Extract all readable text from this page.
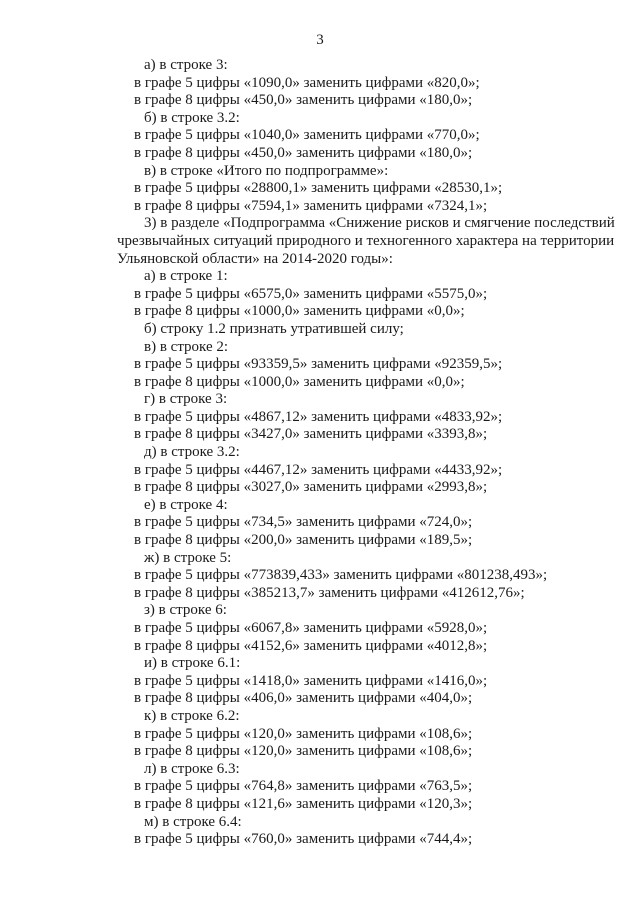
3
а) в строке 3:
в графе 5 цифры «1090,0» заменить цифрами «820,0»;
в графе 8 цифры «450,0» заменить цифрами «180,0»;
б) в строке 3.2:
в графе 5 цифры «1040,0» заменить цифрами «770,0»;
в графе 8 цифры «450,0» заменить цифрами «180,0»;
в) в строке «Итого по подпрограмме»:
в графе 5 цифры «28800,1» заменить цифрами «28530,1»;
в графе 8 цифры «7594,1» заменить цифрами «7324,1»;
3) в разделе «Подпрограмма «Снижение рисков и смягчение последствий
чрезвычайных ситуаций природного и техногенного характера на территории
Ульяновской области» на 2014-2020 годы»:
а) в строке 1:
в графе 5 цифры «6575,0» заменить цифрами «5575,0»;
в графе 8 цифры «1000,0» заменить цифрами «0,0»;
б) строку 1.2 признать утратившей силу;
в) в строке 2:
в графе 5 цифры «93359,5» заменить цифрами «92359,5»;
в графе 8 цифры «1000,0» заменить цифрами «0,0»;
г) в строке 3:
в графе 5 цифры «4867,12» заменить цифрами «4833,92»;
в графе 8 цифры «3427,0» заменить цифрами «3393,8»;
д) в строке 3.2:
в графе 5 цифры «4467,12» заменить цифрами «4433,92»;
в графе 8 цифры «3027,0» заменить цифрами «2993,8»;
е) в строке 4:
в графе 5 цифры «734,5» заменить цифрами «724,0»;
в графе 8 цифры «200,0» заменить цифрами «189,5»;
ж) в строке 5:
в графе 5 цифры «773839,433» заменить цифрами «801238,493»;
в графе 8 цифры «385213,7» заменить цифрами «412612,76»;
з) в строке 6:
в графе 5 цифры «6067,8» заменить цифрами «5928,0»;
в графе 8 цифры «4152,6» заменить цифрами «4012,8»;
и) в строке 6.1:
в графе 5 цифры «1418,0» заменить цифрами «1416,0»;
в графе 8 цифры «406,0» заменить цифрами «404,0»;
к) в строке 6.2:
в графе 5 цифры «120,0» заменить цифрами «108,6»;
в графе 8 цифры «120,0» заменить цифрами «108,6»;
л) в строке 6.3:
в графе 5 цифры «764,8» заменить цифрами «763,5»;
в графе 8 цифры «121,6» заменить цифрами «120,3»;
м) в строке 6.4:
в графе 5 цифры «760,0» заменить цифрами «744,4»;
